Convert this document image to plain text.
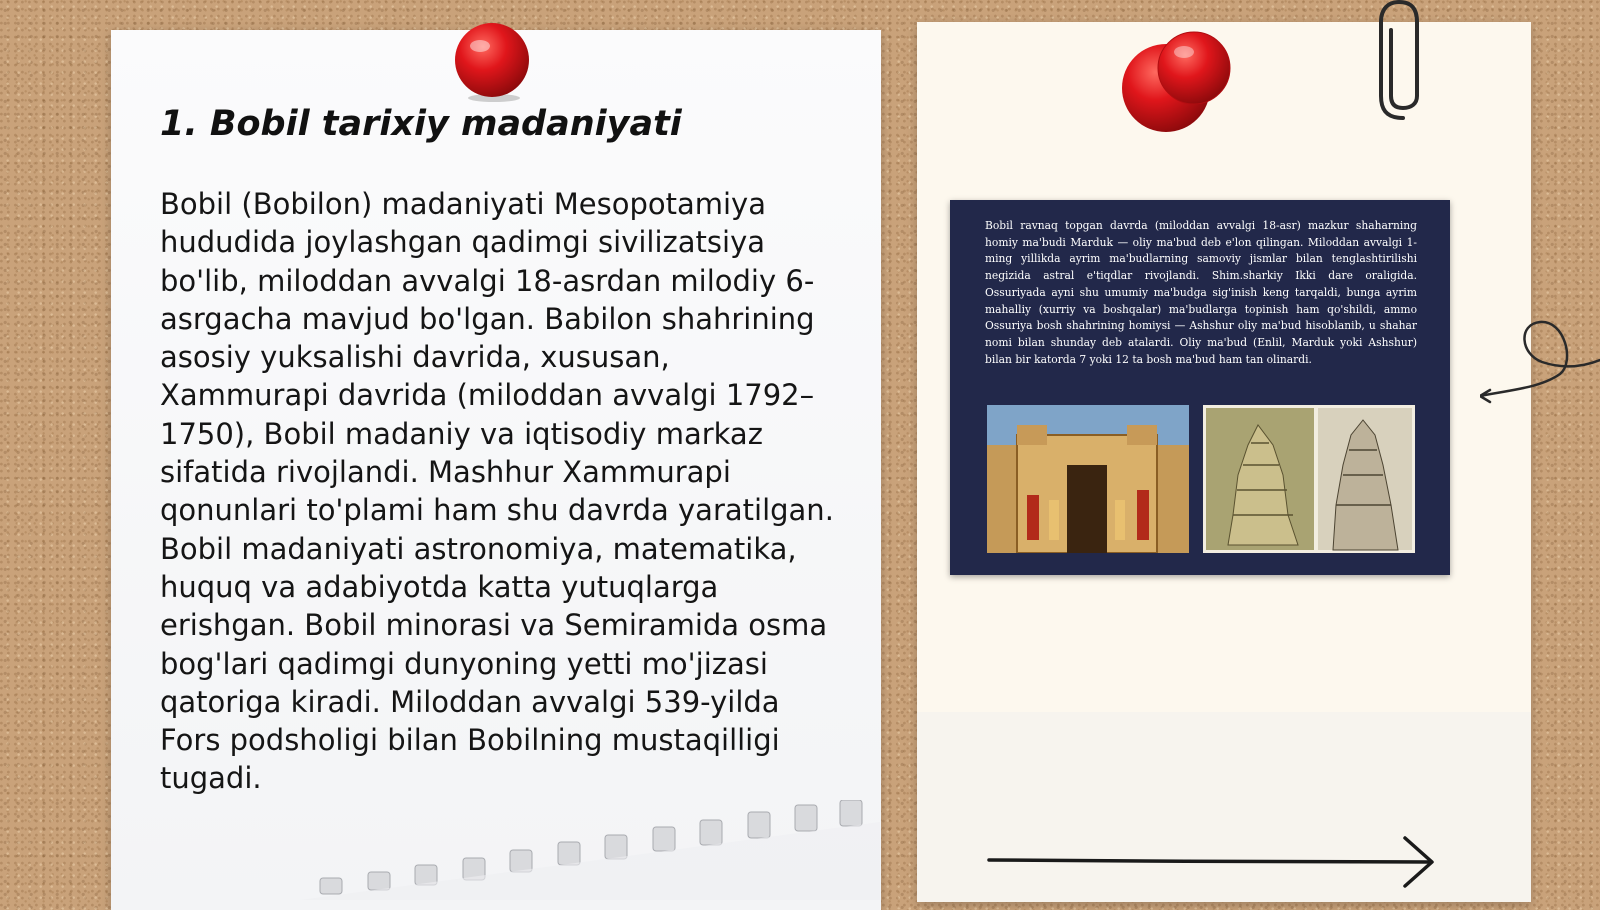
1. Bobil tarixiy madaniyati

Bobil (Bobilon) madaniyati Mesopotamiya hududida joylashgan qadimgi sivilizatsiya bo'lib, miloddan avvalgi 18-asrdan milodiy 6-asrgacha mavjud bo'lgan. Babilon shahrining asosiy yuksalishi davrida, xususan, Xammurapi davrida (miloddan avvalgi 1792–1750), Bobil madaniy va iqtisodiy markaz sifatida rivojlandi. Mashhur Xammurapi qonunlari to'plami ham shu davrda yaratilgan. Bobil madaniyati astronomiya, matematika, huquq va adabiyotda katta yutuqlarga erishgan. Bobil minorasi va Semiramida osma bog'lari qadimgi dunyoning yetti mo'jizasi qatoriga kiradi. Miloddan avvalgi 539-yilda Fors podsholigi bilan Bobilning mustaqilligi tugadi.

Bobil ravnaq topgan davrda (miloddan avvalgi 18-asr) mazkur shaharning homiy ma'budi Marduk — oliy ma'bud deb e'lon qilingan. Miloddan avvalgi 1-ming yillikda ayrim ma'budlarning samoviy jismlar bilan tenglashtirilishi negizida astral e'tiqdlar rivojlandi. Shim.sharkiy Ikki dare oraligida. Ossuriyada ayni shu umumiy ma'budga sig'inish keng tarqaldi, bunga ayrim mahalliy (xurriy va boshqalar) ma'budlarga topinish ham qo'shildi, ammo Ossuriya bosh shahrining homiysi — Ashshur oliy ma'bud hisoblanib, u shahar nomi bilan shunday deb atalardi. Oliy ma'bud (Enlil, Marduk yoki Ashshur) bilan bir katorda 7 yoki 12 ta bosh ma'bud ham tan olinardi.
